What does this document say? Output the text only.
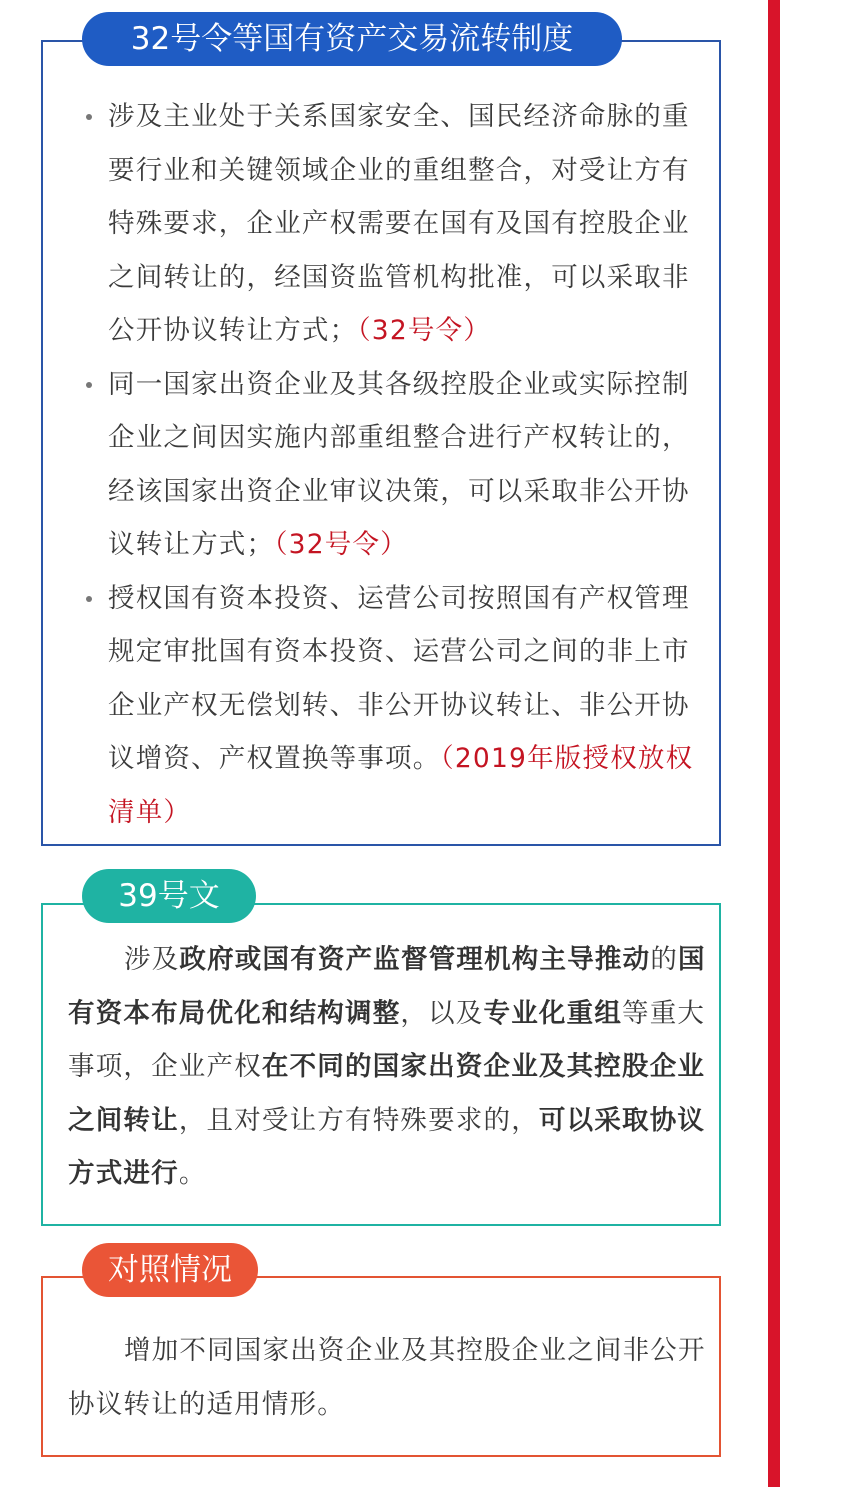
32号令等国有资产交易流转制度
涉及主业处于关系国家安全、国民经济命脉的重要行业和关键领域企业的重组整合，对受让方有特殊要求，企业产权需要在国有及国有控股企业之间转让的，经国资监管机构批准，可以采取非公开协议转让方式；（32号令）
同一国家出资企业及其各级控股企业或实际控制企业之间因实施内部重组整合进行产权转让的，经该国家出资企业审议决策，可以采取非公开协议转让方式；（32号令）
授权国有资本投资、运营公司按照国有产权管理规定审批国有资本投资、运营公司之间的非上市企业产权无偿划转、非公开协议转让、非公开协议增资、产权置换等事项。（2019年版授权放权清单）
39号文

涉及政府或国有资产监督管理机构主导推动的国有资本布局优化和结构调整，以及专业化重组等重大事项，企业产权在不同的国家出资企业及其控股企业之间转让，且对受让方有特殊要求的，可以采取协议方式进行。

对照情况

增加不同国家出资企业及其控股企业之间非公开协议转让的适用情形。
